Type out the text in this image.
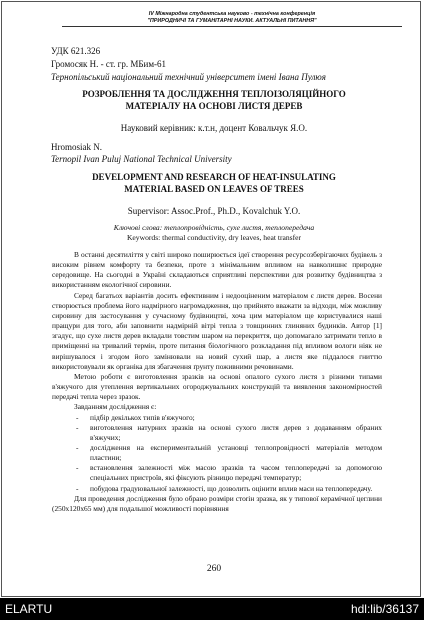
IV Міжнародна студентська науково - технічна конференція
"ПРИРОДНИЧІ ТА ГУМАНІТАРНІ НАУКИ. АКТУАЛЬНІ ПИТАННЯ"
УДК 621.326
Громосяк Н. - ст. гр. МБим-61
Тернопільський національний технічний університет імені Івана Пулюя
РОЗРОБЛЕННЯ ТА ДОСЛІДЖЕННЯ ТЕПЛОІЗОЛЯЦІЙНОГО
МАТЕРІАЛУ НА ОСНОВІ ЛИСТЯ ДЕРЕВ
Науковий керівник: к.т.н, доцент Ковальчук Я.О.
Hromosiak N.
Ternopil Ivan Puluj National Technical University
DEVELOPMENT AND RESEARCH OF HEAT-INSULATING
MATERIAL BASED ON LEAVES OF TREES
Supervisor: Assoc.Prof., Ph.D., Kovalchuk Y.O.
Ключові слова: теплопровідність, сухе листя, теплопередача
Keywords: thermal conductivity, dry leaves, heat transfer

В останні десятиліття у світі широко поширюється ідеї створення ресурсозберігаючих будівель з високим рівнем комфорту та безпеки, проте з мінімальним впливом на навколишнє природне середовище. На сьогодні в Україні складаються сприятливі перспективи для розвитку будівництва з використанням екологічної сировини.

Серед багатьох варіантів досить ефективним і недооціненим матеріалом є листя дерев. Восени створюється проблема його надмірного нагромадження, що прийнято вважати за відходи, між можливу сировину для застосування у сучасному будівництві, хоча цим матеріалом ще користувалися наші пращури для того, аби заповнити надмірній вітрі тепла з товщинних глиняних будинків. Автор [1] згадує, що сухе листя дерев вкладали товстим шаром на перекриття, що допомагало затримати тепло в приміщенні на тривалий термін, проте питання біологічного розкладання під впливом вологи ніяк не вирішувалося і згодом його замінювали на новий сухий шар, а листя яке піддалося гниттю використовували як органіка для збагачення ґрунту поживними речовинами.

Метою роботи є виготовлення зразків на основі опалого сухого листя з різними типами в'яжучого для утеплення вертикальних огороджувальних конструкцій та виявлення закономірностей передачі тепла через зразок.

Завданням дослідження є:

- підбір декількох типів в'яжучого;
- виготовлення натурних зразків на основі сухого листя дерев з додаванням обраних в'яжучих;
- дослідження на експериментальній установці теплопровідності матеріалів методом пластини;
- встановлення залежності між масою зразків та часом теплопередачі за допомогою спеціальних пристроїв, які фіксують різницю передачі температур;
- побудова градуювальної залежності, що дозволить оцінити вплив маси на теплопередачу.

Для проведення дослідження було обрано розміри стоrін зразка, як у типової керамічної цеглини (250х120х65 мм) для подальшої можливості порівняння

260
ELARTU	hdl:lib/36137
